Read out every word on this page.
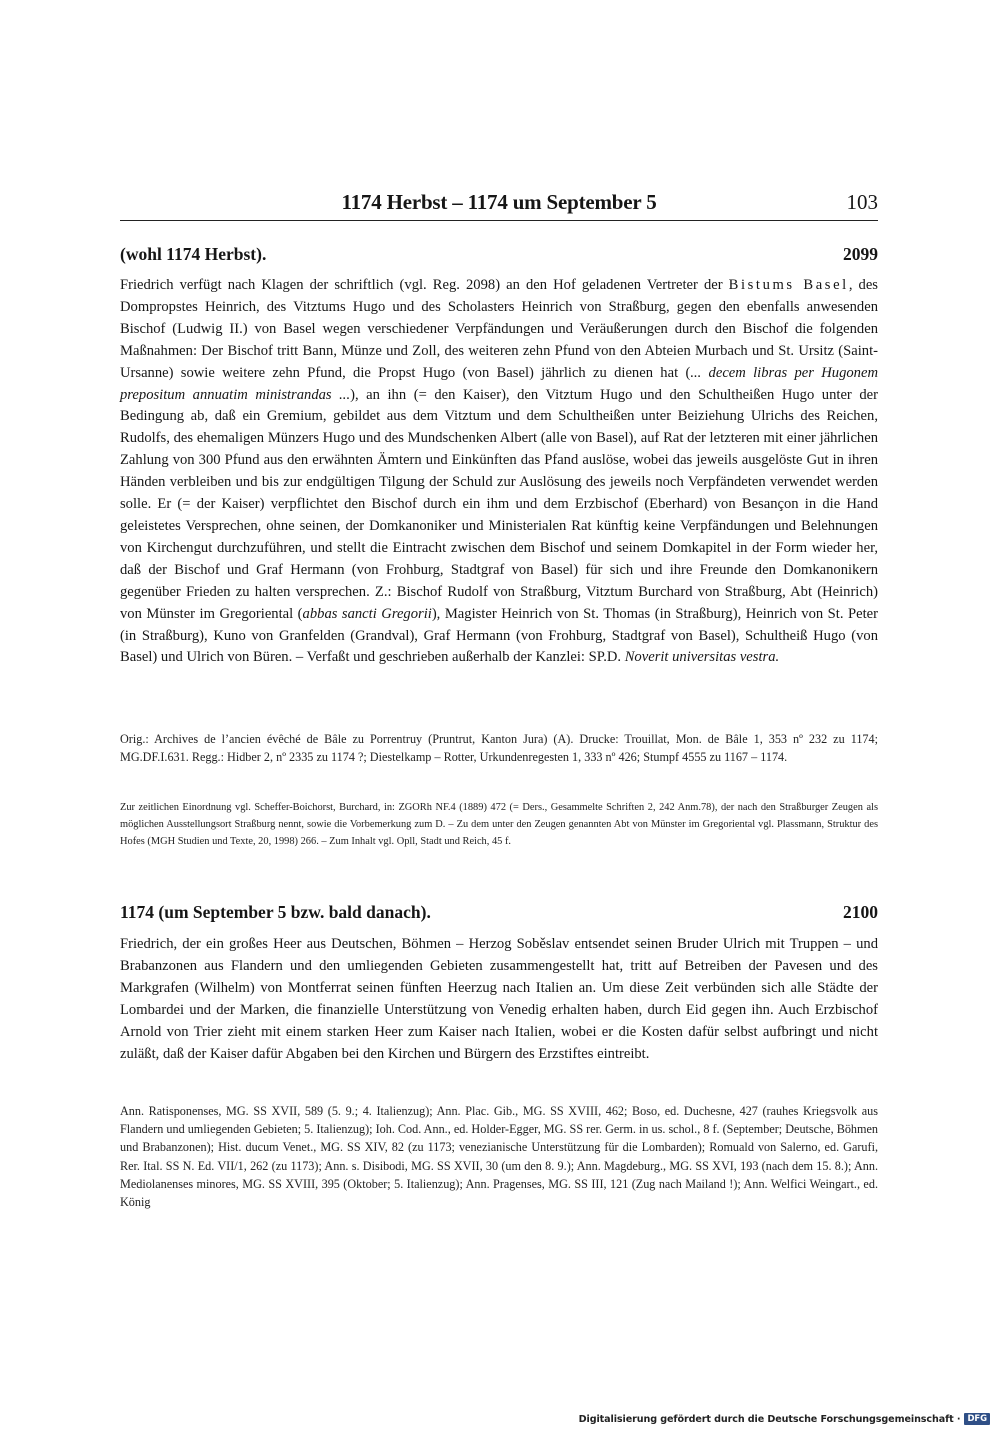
1174 Herbst – 1174 um September 5	103
(wohl 1174 Herbst).	2099

Friedrich verfügt nach Klagen der schriftlich (vgl. Reg. 2098) an den Hof geladenen Vertreter der Bistums Basel, des Dompropstes Heinrich, des Vitztums Hugo und des Scholasters Heinrich von Straßburg, gegen den ebenfalls anwesenden Bischof (Ludwig II.) von Basel wegen verschiedener Verpfändungen und Veräußerungen durch den Bischof die folgenden Maßnahmen: Der Bischof tritt Bann, Münze und Zoll, des weiteren zehn Pfund von den Abteien Murbach und St. Ursitz (Saint-Ursanne) sowie weitere zehn Pfund, die Propst Hugo (von Basel) jährlich zu dienen hat (... decem libras per Hugonem prepositum annuatim ministrandas ...), an ihn (= den Kaiser), den Vitztum Hugo und den Schultheißen Hugo unter der Bedingung ab, daß ein Gremium, gebildet aus dem Vitztum und dem Schultheißen unter Beiziehung Ulrichs des Reichen, Rudolfs, des ehemaligen Münzers Hugo und des Mundschenken Albert (alle von Basel), auf Rat der letzteren mit einer jährlichen Zahlung von 300 Pfund aus den erwähnten Ämtern und Einkünften das Pfand auslöse, wobei das jeweils ausgelöste Gut in ihren Händen verbleiben und bis zur endgültigen Tilgung der Schuld zur Auslösung des jeweils noch Verpfändeten verwendet werden solle. Er (= der Kaiser) verpflichtet den Bischof durch ein ihm und dem Erzbischof (Eberhard) von Besançon in die Hand geleistetes Versprechen, ohne seinen, der Domkanoniker und Ministerialen Rat künftig keine Verpfändungen und Belehnungen von Kirchengut durchzuführen, und stellt die Eintracht zwischen dem Bischof und seinem Domkapitel in der Form wieder her, daß der Bischof und Graf Hermann (von Frohburg, Stadtgraf von Basel) für sich und ihre Freunde den Domkanonikern gegenüber Frieden zu halten versprechen. Z.: Bischof Rudolf von Straßburg, Vitztum Burchard von Straßburg, Abt (Heinrich) von Münster im Gregoriental (abbas sancti Gregorii), Magister Heinrich von St. Thomas (in Straßburg), Heinrich von St. Peter (in Straßburg), Kuno von Granfelden (Grandval), Graf Hermann (von Frohburg, Stadtgraf von Basel), Schultheiß Hugo (von Basel) und Ulrich von Büren. – Verfaßt und geschrieben außerhalb der Kanzlei: SP.D. Noverit universitas vestra.

Orig.: Archives de l’ancien évêché de Bâle zu Porrentruy (Pruntrut, Kanton Jura) (A). Drucke: Trouillat, Mon. de Bâle 1, 353 nº 232 zu 1174; MG.DF.I.631. Regg.: Hidber 2, nº 2335 zu 1174 ?; Diestelkamp – Rotter, Urkundenregesten 1, 333 nº 426; Stumpf 4555 zu 1167 – 1174.

Zur zeitlichen Einordnung vgl. Scheffer-Boichorst, Burchard, in: ZGORh NF.4 (1889) 472 (= Ders., Gesammelte Schriften 2, 242 Anm.78), der nach den Straßburger Zeugen als möglichen Ausstellungsort Straßburg nennt, sowie die Vorbemerkung zum D. – Zu dem unter den Zeugen genannten Abt von Münster im Gregoriental vgl. Plassmann, Struktur des Hofes (MGH Studien und Texte, 20, 1998) 266. – Zum Inhalt vgl. Opll, Stadt und Reich, 45 f.

1174 (um September 5 bzw. bald danach).	2100

Friedrich, der ein großes Heer aus Deutschen, Böhmen – Herzog Soběslav entsendet seinen Bruder Ulrich mit Truppen – und Brabanzonen aus Flandern und den umliegenden Gebieten zusammengestellt hat, tritt auf Betreiben der Pavesen und des Markgrafen (Wilhelm) von Montferrat seinen fünften Heerzug nach Italien an. Um diese Zeit verbünden sich alle Städte der Lombardei und der Marken, die finanzielle Unterstützung von Venedig erhalten haben, durch Eid gegen ihn. Auch Erzbischof Arnold von Trier zieht mit einem starken Heer zum Kaiser nach Italien, wobei er die Kosten dafür selbst aufbringt und nicht zuläßt, daß der Kaiser dafür Abgaben bei den Kirchen und Bürgern des Erzstiftes eintreibt.

Ann. Ratisponenses, MG. SS XVII, 589 (5. 9.; 4. Italienzug); Ann. Plac. Gib., MG. SS XVIII, 462; Boso, ed. Duchesne, 427 (rauhes Kriegsvolk aus Flandern und umliegenden Gebieten; 5. Italienzug); Ioh. Cod. Ann., ed. Holder-Egger, MG. SS rer. Germ. in us. schol., 8 f. (September; Deutsche, Böhmen und Brabanzonen); Hist. ducum Venet., MG. SS XIV, 82 (zu 1173; venezianische Unterstützung für die Lombarden); Romuald von Salerno, ed. Garufi, Rer. Ital. SS N. Ed. VII/1, 262 (zu 1173); Ann. s. Disibodi, MG. SS XVII, 30 (um den 8. 9.); Ann. Magdeburg., MG. SS XVI, 193 (nach dem 15. 8.); Ann. Mediolanenses minores, MG. SS XVIII, 395 (Oktober; 5. Italienzug); Ann. Pragenses, MG. SS III, 121 (Zug nach Mailand !); Ann. Welfici Weingart., ed. König

Digitalisierung gefördert durch die Deutsche Forschungsgemeinschaft · DFG
